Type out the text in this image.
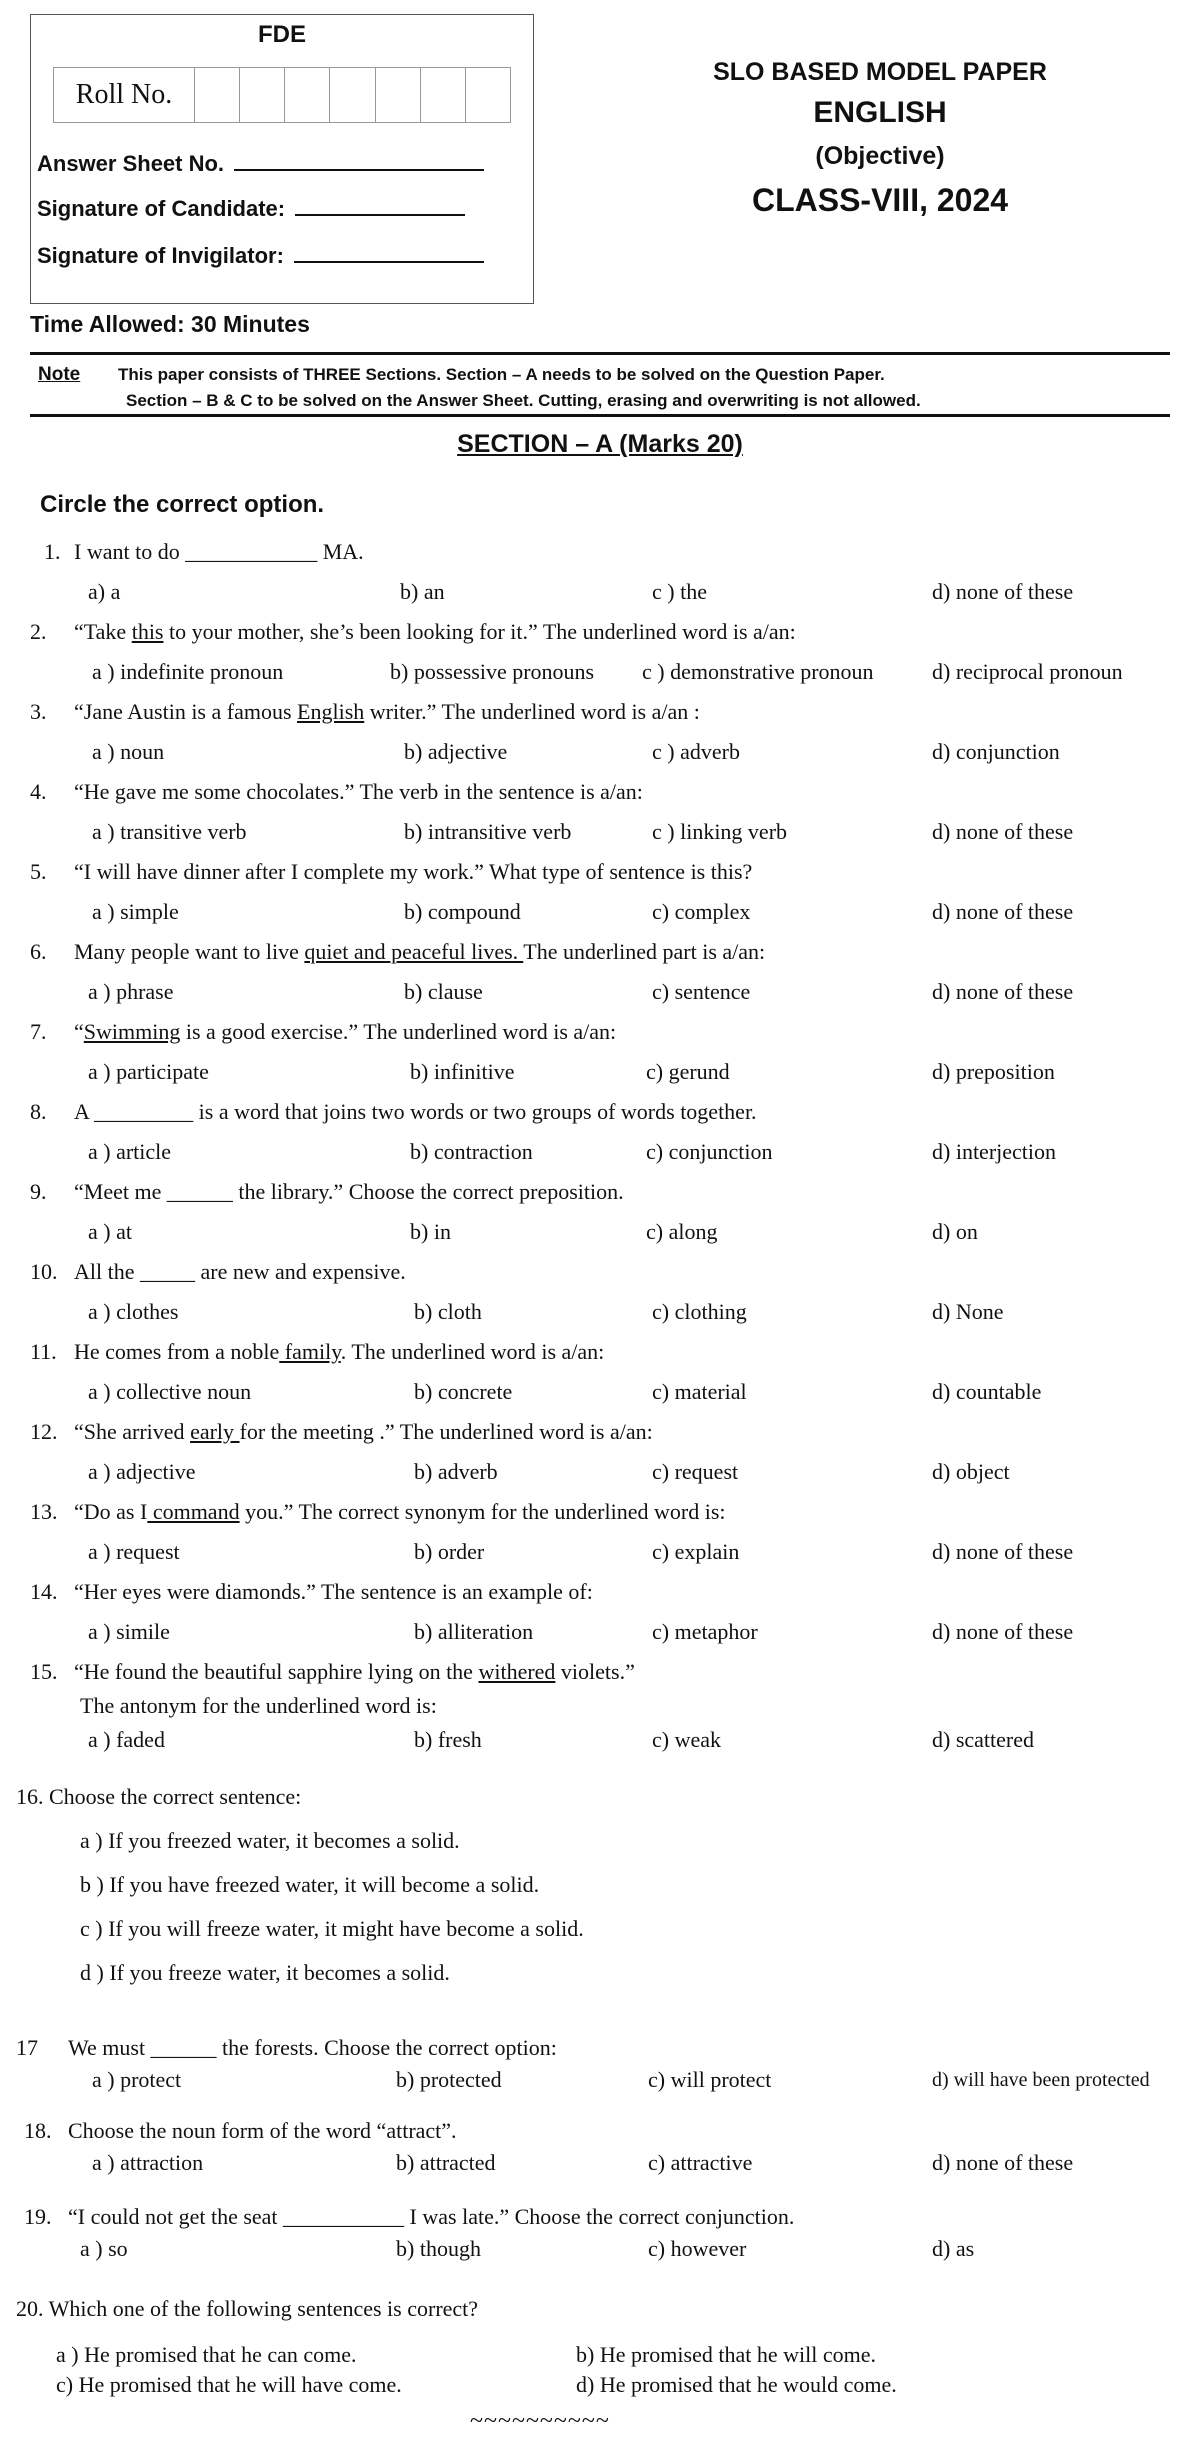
FDE
Roll No.
Answer Sheet No.
Signature of Candidate:
Signature of Invigilator:
SLO BASED MODEL PAPER
ENGLISH
(Objective)
CLASS-VIII, 2024
Time Allowed: 30 Minutes
Note This paper consists of THREE Sections. Section – A needs to be solved on the Question Paper.
Section – B & C to be solved on the Answer Sheet. Cutting, erasing and overwriting is not allowed.
SECTION – A (Marks 20)
Circle the correct option.
1. I want to do ____________ MA.
a) a	b) an	c ) the	d) none of these
2. “Take this to your mother, she’s been looking for it.” The underlined word is a/an:
a ) indefinite pronoun	b) possessive pronouns c ) demonstrative pronoun	d) reciprocal pronoun
3. “Jane Austin is a famous English writer.” The underlined word is a/an :
a ) noun	b) adjective	c ) adverb	d) conjunction
4. “He gave me some chocolates.” The verb in the sentence is a/an:
a ) transitive verb	b) intransitive verb	c ) linking verb	d) none of these
5. “I will have dinner after I complete my work.” What type of sentence is this?
a ) simple	b) compound	c) complex	d) none of these
6. Many people want to live quiet and peaceful lives. The underlined part is a/an:
a ) phrase	b) clause	c) sentence	d) none of these
7. “Swimming is a good exercise.” The underlined word is a/an:
a ) participate	b) infinitive	c) gerund	d) preposition
8. A _________ is a word that joins two words or two groups of words together.
a ) article	b) contraction	c) conjunction	d) interjection
9. “Meet me ______ the library.” Choose the correct preposition.
a ) at	b) in	c) along	d) on
10. All the _____ are new and expensive.
a ) clothes	b) cloth	c) clothing	d) None
11. He comes from a noble family. The underlined word is a/an:
a ) collective noun	b) concrete	c) material	d) countable
12. “She arrived early for the meeting .” The underlined word is a/an:
a ) adjective	b) adverb	c) request	d) object
13. “Do as I command you.” The correct synonym for the underlined word is:
a ) request	b) order	c) explain	d) none of these
14. “Her eyes were diamonds.” The sentence is an example of:
a ) simile	b) alliteration	c) metaphor	d) none of these
15. “He found the beautiful sapphire lying on the withered violets.”
The antonym for the underlined word is:
a ) faded	b) fresh	c) weak	d) scattered
16. Choose the correct sentence:
a ) If you freezed water, it becomes a solid.
b ) If you have freezed water, it will become a solid.
c ) If you will freeze water, it might have become a solid.
d ) If you freeze water, it becomes a solid.
17 We must ______ the forests. Choose the correct option:
a ) protect	b) protected	c) will protect	d) will have been protected
18. Choose the noun form of the word “attract”.
a ) attraction	b) attracted	c) attractive	d) none of these
19. “I could not get the seat ___________ I was late.” Choose the correct conjunction.
a ) so	b) though	c) however	d) as
20. Which one of the following sentences is correct?
a ) He promised that he can come.	b) He promised that he will come.
c) He promised that he will have come.	d) He promised that he would come.
~~~~~~~~~~
